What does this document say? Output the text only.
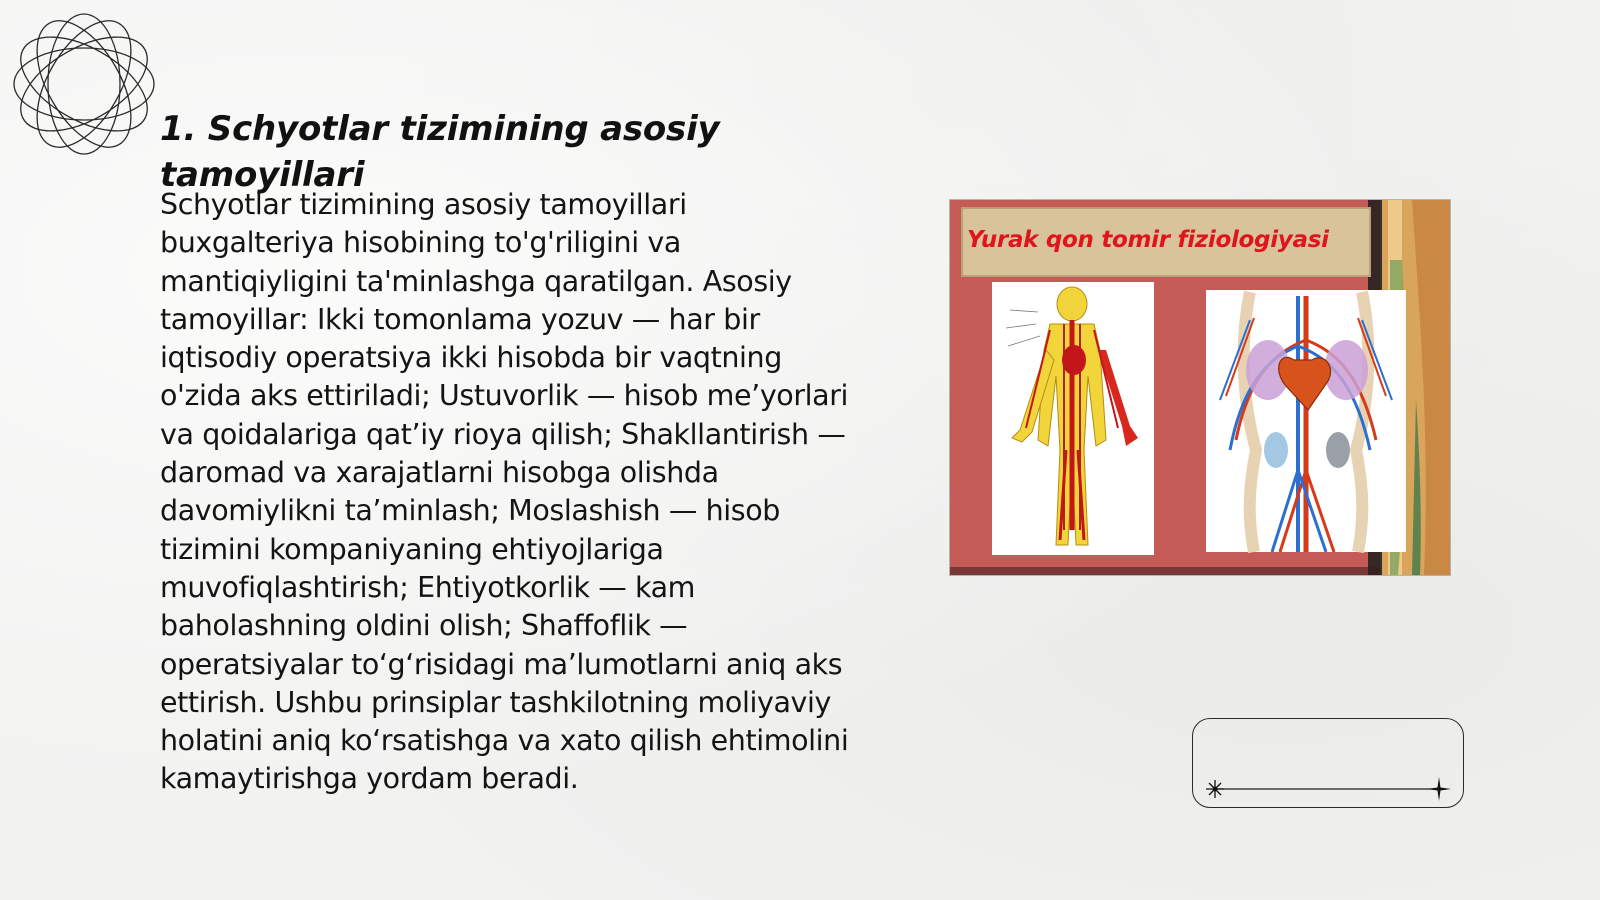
1. Schyotlar tizimining asosiy tamoyillari

Schyotlar tizimining asosiy tamoyillari buxgalteriya hisobining to'g'riligini va mantiqiyligini ta'minlashga qaratilgan. Asosiy tamoyillar: Ikki tomonlama yozuv — har bir iqtisodiy operatsiya ikki hisobda bir vaqtning o'zida aks ettiriladi; Ustuvorlik — hisob me’yorlari va qoidalariga qat’iy rioya qilish; Shakllantirish — daromad va xarajatlarni hisobga olishda davomiylikni ta’minlash; Moslashish — hisob tizimini kompaniyaning ehtiyojlariga muvofiqlashtirish; Ehtiyotkorlik — kam baholashning oldini olish; Shaffoflik — operatsiyalar to‘g‘risidagi ma’lumotlarni aniq aks ettirish. Ushbu prinsiplar tashkilotning moliyaviy holatini aniq ko‘rsatishga va xato qilish ehtimolini kamaytirishga yordam beradi.

Yurak qon tomir fiziologiyasi
